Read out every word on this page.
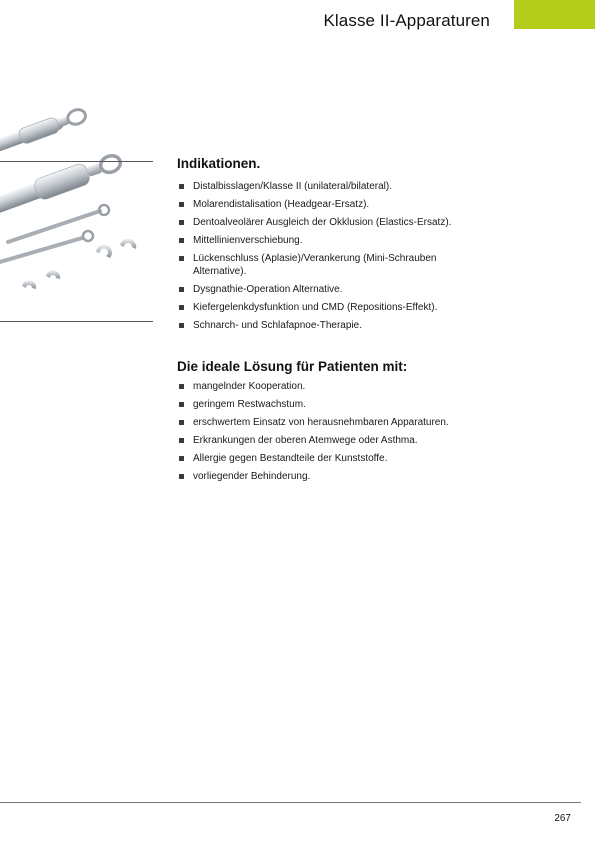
Klasse II-Apparaturen
Indikationen.
Distalbisslagen/Klasse II (unilateral/bilateral).
Molarendistalisation (Headgear-Ersatz).
Dentoalveolärer Ausgleich der Okklusion (Elastics-Ersatz).
Mittellinienverschiebung.
Lückenschluss (Aplasie)/Verankerung (Mini-Schrauben Alternative).
Dysgnathie-Operation Alternative.
Kiefergelenkdysfunktion und CMD (Repositions-Effekt).
Schnarch- und Schlafapnoe-Therapie.
Die ideale Lösung für Patienten mit:
mangelnder Kooperation.
geringem Restwachstum.
erschwertem Einsatz von herausnehmbaren Apparaturen.
Erkrankungen der oberen Atemwege oder Asthma.
Allergie gegen Bestandteile der Kunststoffe.
vorliegender Behinderung.
267
